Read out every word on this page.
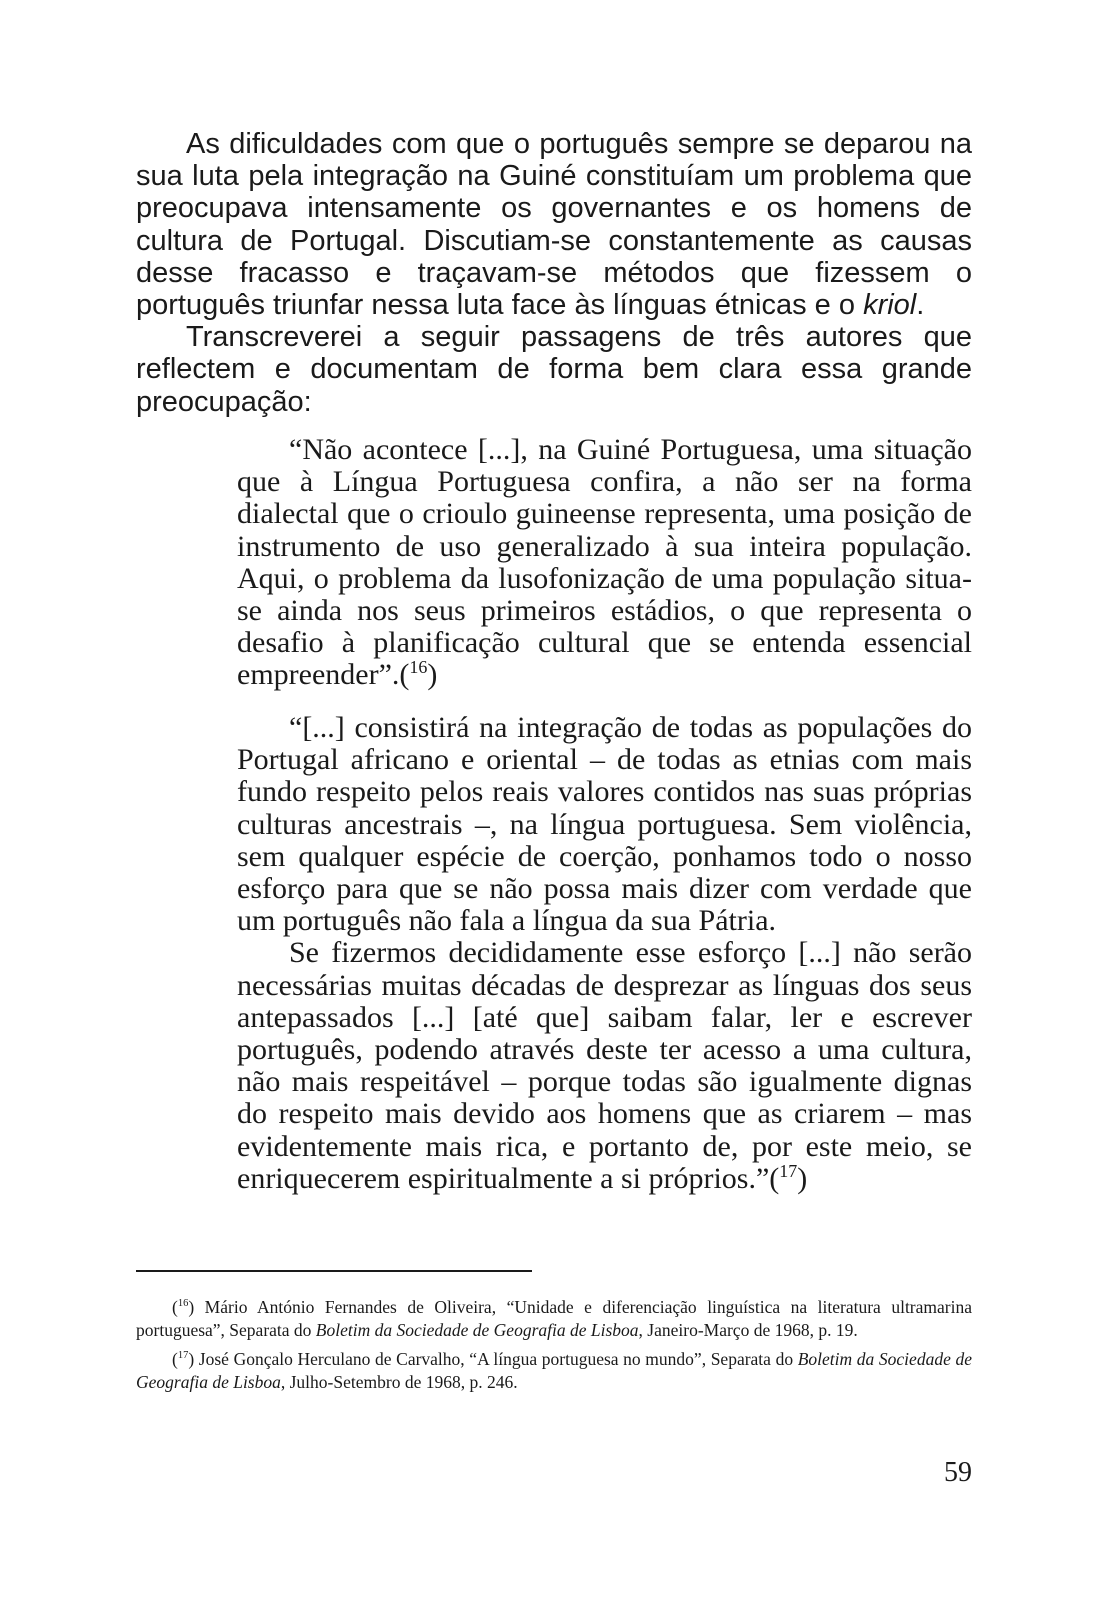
As dificuldades com que o português sempre se deparou na sua luta pela integração na Guiné constituíam um problema que preocupava intensamente os governantes e os homens de cultura de Portugal. Discutiam-se constantemente as causas desse fracasso e traçavam-se métodos que fizessem o português triunfar nessa luta face às línguas étnicas e o kriol.

Transcreverei a seguir passagens de três autores que reflectem e documentam de forma bem clara essa grande preocupação:

“Não acontece [...], na Guiné Portuguesa, uma situação que à Língua Portuguesa confira, a não ser na forma dialectal que o crioulo guineense representa, uma posição de instrumento de uso generalizado à sua inteira população. Aqui, o problema da lusofonização de uma população situa-se ainda nos seus primeiros estádios, o que representa o desafio à planificação cultural que se entenda essencial empreender”.($^{16}$)

“[...] consistirá na integração de todas as populações do Portugal africano e oriental – de todas as etnias com mais fundo respeito pelos reais valores contidos nas suas próprias culturas ancestrais –, na língua portuguesa. Sem violência, sem qualquer espécie de coerção, ponhamos todo o nosso esforço para que se não possa mais dizer com verdade que um português não fala a língua da sua Pátria.

Se fizermos decididamente esse esforço [...] não serão necessárias muitas décadas de desprezar as línguas dos seus antepassados [...] [até que] saibam falar, ler e escrever português, podendo através deste ter acesso a uma cultura, não mais respeitável – porque todas são igualmente dignas do respeito mais devido aos homens que as criarem – mas evidentemente mais rica, e portanto de, por este meio, se enriquecerem espiritualmente a si próprios.”($^{17}$)

($^{16}$) Mário António Fernandes de Oliveira, “Unidade e diferenciação linguística na literatura ultramarina portuguesa”, Separata do Boletim da Sociedade de Geografia de Lisboa, Janeiro-Março de 1968, p. 19.

($^{17}$) José Gonçalo Herculano de Carvalho, “A língua portuguesa no mundo”, Separata do Boletim da Sociedade de Geografia de Lisboa, Julho-Setembro de 1968, p. 246.

59
